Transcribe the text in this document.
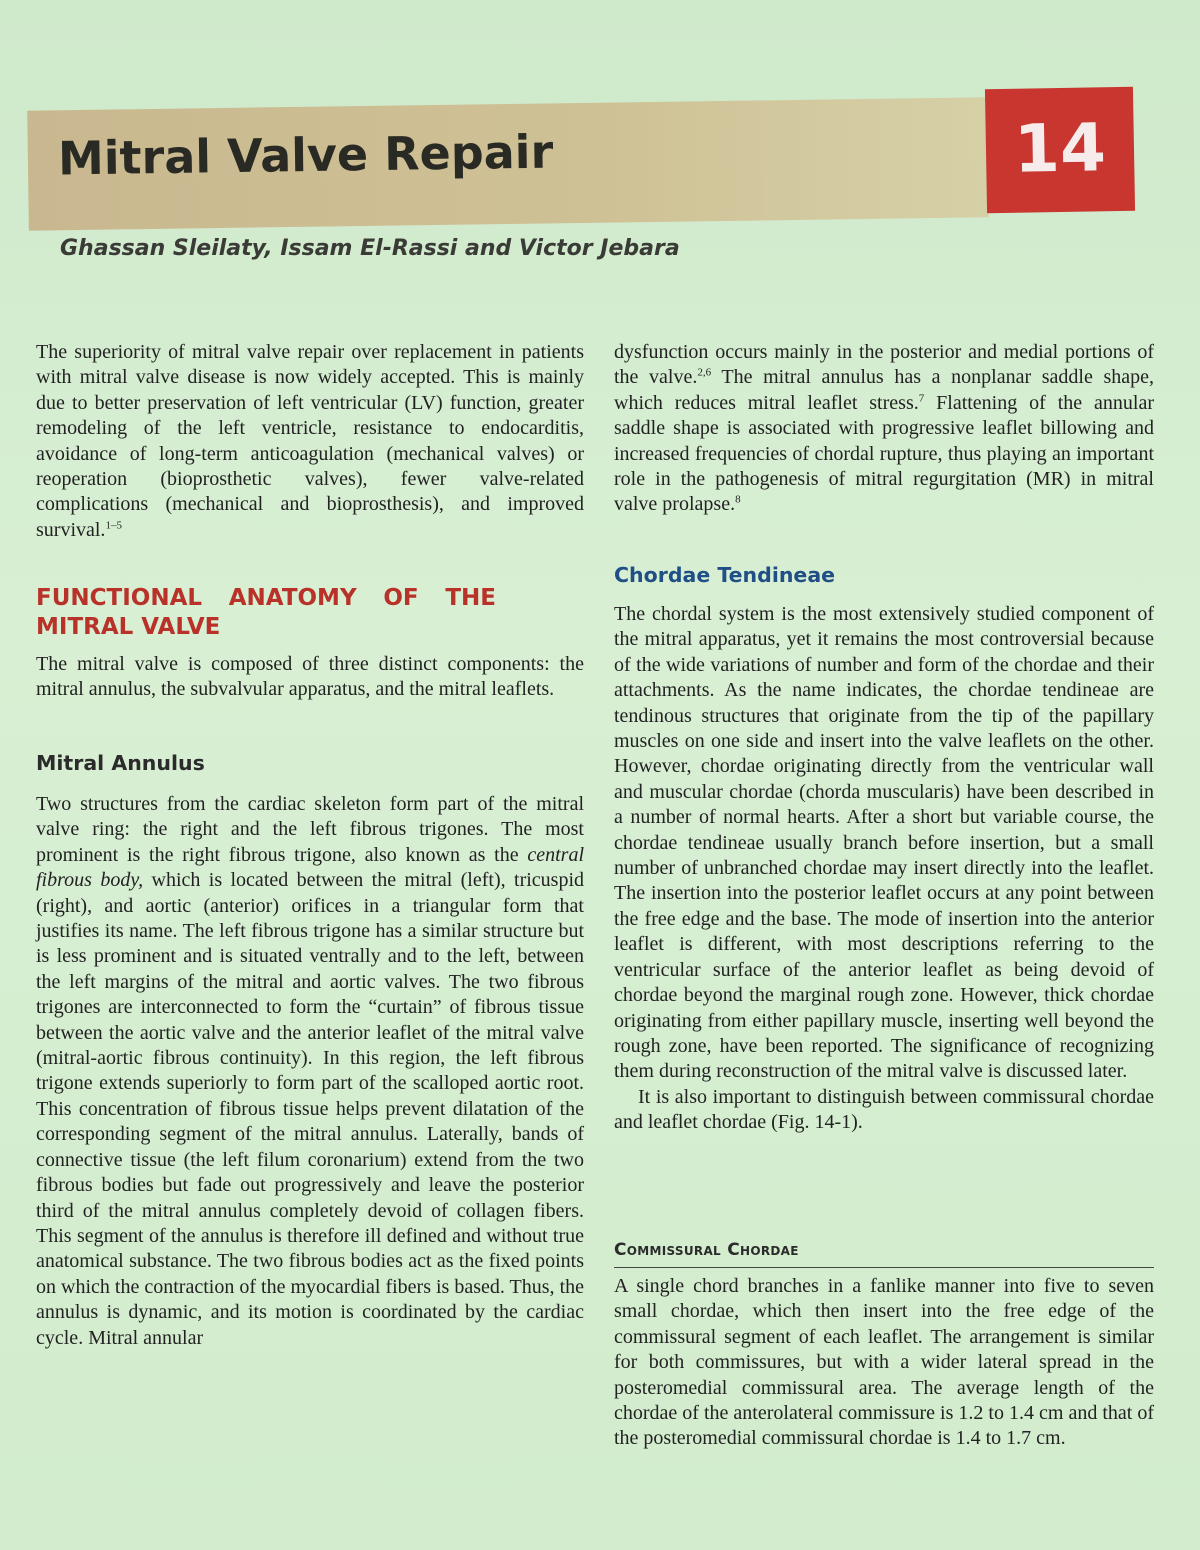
Mitral Valve Repair	14
Ghassan Sleilaty, Issam El-Rassi and Victor Jebara

The superiority of mitral valve repair over replacement in patients with mitral valve disease is now widely accepted. This is mainly due to better preservation of left ventricular (LV) function, greater remodeling of the left ventricle, resistance to endocarditis, avoidance of long-term anticoagulation (mechanical valves) or reoperation (bioprosthetic valves), fewer valve-related complications (mechanical and bioprosthesis), and improved survival.$^{1-5}$

FUNCTIONAL ANATOMY OF THE MITRAL VALVE

The mitral valve is composed of three distinct components: the mitral annulus, the subvalvular apparatus, and the mitral leaflets.

Mitral Annulus

Two structures from the cardiac skeleton form part of the mitral valve ring: the right and the left fibrous trigones. The most prominent is the right fibrous trigone, also known as the central fibrous body, which is located between the mitral (left), tricuspid (right), and aortic (anterior) orifices in a triangular form that justifies its name. The left fibrous trigone has a similar structure but is less prominent and is situated ventrally and to the left, between the left margins of the mitral and aortic valves. The two fibrous trigones are interconnected to form the “curtain” of fibrous tissue between the aortic valve and the anterior leaflet of the mitral valve (mitral-aortic fibrous continuity). In this region, the left fibrous trigone extends superiorly to form part of the scalloped aortic root. This concentration of fibrous tissue helps prevent dilatation of the corresponding segment of the mitral annulus. Laterally, bands of connective tissue (the left filum coronarium) extend from the two fibrous bodies but fade out progressively and leave the posterior third of the mitral annulus completely devoid of collagen fibers. This segment of the annulus is therefore ill defined and without true anatomical substance. The two fibrous bodies act as the fixed points on which the contraction of the myocardial fibers is based. Thus, the annulus is dynamic, and its motion is coordinated by the cardiac cycle. Mitral annular

dysfunction occurs mainly in the posterior and medial portions of the valve.$^{2,6}$ The mitral annulus has a nonplanar saddle shape, which reduces mitral leaflet stress.$^7$ Flattening of the annular saddle shape is associated with progressive leaflet billowing and increased frequencies of chordal rupture, thus playing an important role in the pathogenesis of mitral regurgitation (MR) in mitral valve prolapse.$^8$

Chordae Tendineae

The chordal system is the most extensively studied component of the mitral apparatus, yet it remains the most controversial because of the wide variations of number and form of the chordae and their attachments. As the name indicates, the chordae tendineae are tendinous structures that originate from the tip of the papillary muscles on one side and insert into the valve leaflets on the other. However, chordae originating directly from the ventricular wall and muscular chordae (chorda muscularis) have been described in a number of normal hearts. After a short but variable course, the chordae tendineae usually branch before insertion, but a small number of unbranched chordae may insert directly into the leaflet. The insertion into the posterior leaflet occurs at any point between the free edge and the base. The mode of insertion into the anterior leaflet is different, with most descriptions referring to the ventricular surface of the anterior leaflet as being devoid of chordae beyond the marginal rough zone. However, thick chordae originating from either papillary muscle, inserting well beyond the rough zone, have been reported. The significance of recognizing them during reconstruction of the mitral valve is discussed later.

It is also important to distinguish between commissural chordae and leaflet chordae (Fig. 14-1).

Commissural Chordae

A single chord branches in a fanlike manner into five to seven small chordae, which then insert into the free edge of the commissural segment of each leaflet. The arrangement is similar for both commissures, but with a wider lateral spread in the posteromedial commissural area. The average length of the chordae of the anterolateral commissure is 1.2 to 1.4 cm and that of the posteromedial commissural chordae is 1.4 to 1.7 cm.
